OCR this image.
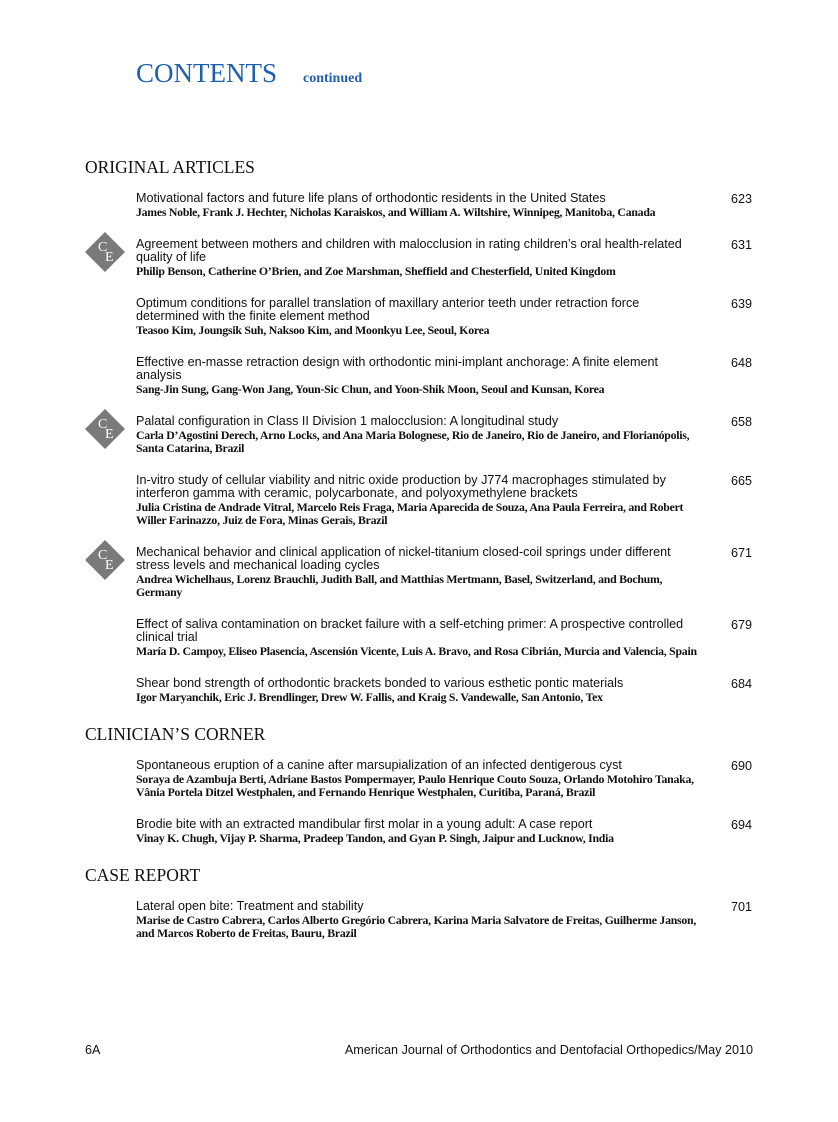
CONTENTS continued
ORIGINAL ARTICLES
Motivational factors and future life plans of orthodontic residents in the United States
James Noble, Frank J. Hechter, Nicholas Karaiskos, and William A. Wiltshire, Winnipeg, Manitoba, Canada
623
C
E
Agreement between mothers and children with malocclusion in rating children’s oral health-related quality of life
Philip Benson, Catherine O’Brien, and Zoe Marshman, Sheffield and Chesterfield, United Kingdom
631
Optimum conditions for parallel translation of maxillary anterior teeth under retraction force determined with the finite element method
Teasoo Kim, Joungsik Suh, Naksoo Kim, and Moonkyu Lee, Seoul, Korea
639
Effective en-masse retraction design with orthodontic mini-implant anchorage: A finite element analysis
Sang-Jin Sung, Gang-Won Jang, Youn-Sic Chun, and Yoon-Shik Moon, Seoul and Kunsan, Korea
648
C
E
Palatal configuration in Class II Division 1 malocclusion: A longitudinal study
Carla D’Agostini Derech, Arno Locks, and Ana Maria Bolognese, Rio de Janeiro, Rio de Janeiro, and Florianópolis, Santa Catarina, Brazil
658
In-vitro study of cellular viability and nitric oxide production by J774 macrophages stimulated by interferon gamma with ceramic, polycarbonate, and polyoxymethylene brackets
Julia Cristina de Andrade Vitral, Marcelo Reis Fraga, Maria Aparecida de Souza, Ana Paula Ferreira, and Robert Willer Farinazzo, Juiz de Fora, Minas Gerais, Brazil
665
C
E
Mechanical behavior and clinical application of nickel-titanium closed-coil springs under different stress levels and mechanical loading cycles
Andrea Wichelhaus, Lorenz Brauchli, Judith Ball, and Matthias Mertmann, Basel, Switzerland, and Bochum, Germany
671
Effect of saliva contamination on bracket failure with a self-etching primer: A prospective controlled clinical trial
María D. Campoy, Eliseo Plasencia, Ascensión Vicente, Luis A. Bravo, and Rosa Cibrián, Murcia and Valencia, Spain
679
Shear bond strength of orthodontic brackets bonded to various esthetic pontic materials
Igor Maryanchik, Eric J. Brendlinger, Drew W. Fallis, and Kraig S. Vandewalle, San Antonio, Tex
684
CLINICIAN’S CORNER
Spontaneous eruption of a canine after marsupialization of an infected dentigerous cyst
Soraya de Azambuja Berti, Adriane Bastos Pompermayer, Paulo Henrique Couto Souza, Orlando Motohiro Tanaka, Vânia Portela Ditzel Westphalen, and Fernando Henrique Westphalen, Curitiba, Paraná, Brazil
690
Brodie bite with an extracted mandibular first molar in a young adult: A case report
Vinay K. Chugh, Vijay P. Sharma, Pradeep Tandon, and Gyan P. Singh, Jaipur and Lucknow, India
694
CASE REPORT
Lateral open bite: Treatment and stability
Marise de Castro Cabrera, Carlos Alberto Gregório Cabrera, Karina Maria Salvatore de Freitas, Guilherme Janson, and Marcos Roberto de Freitas, Bauru, Brazil
701
6A	American Journal of Orthodontics and Dentofacial Orthopedics/May 2010
